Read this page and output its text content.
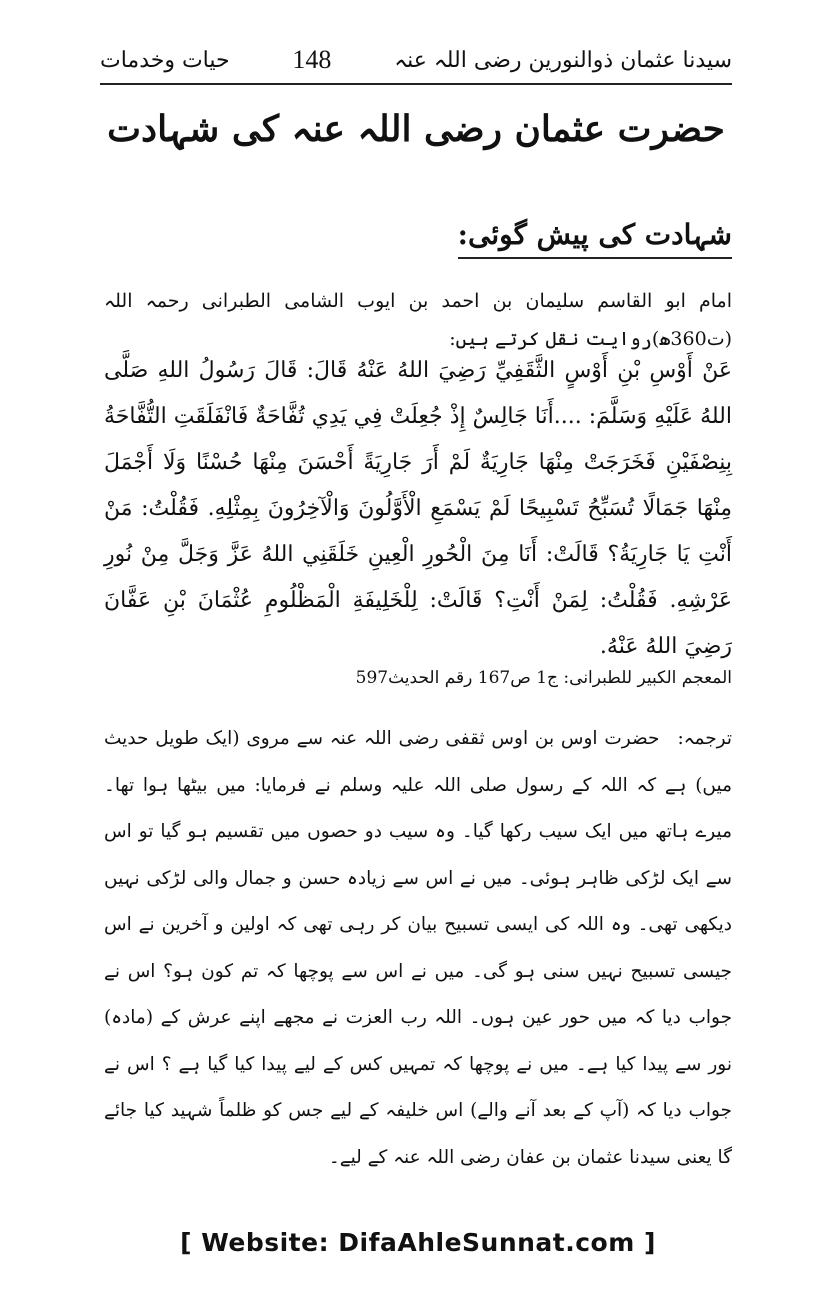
سیدنا عثمان ذوالنورین رضی اللہ عنہ
148
حیات وخدمات
حضرت عثمان رضی اللہ عنہ کی شہادت
شہادت کی پیش گوئی:
امام ابو القاسم سلیمان بن احمد بن ایوب الشامی الطبرانی رحمہ اللہ (ت360ھ)روایت نقل کرتے ہیں:
عَنْ أَوْسِ بْنِ أَوْسٍ الثَّقَفِيِّ رَضِيَ اللهُ عَنْهُ قَالَ: قَالَ رَسُولُ اللهِ صَلَّى اللهُ عَلَيْهِ وَسَلَّمَ: ....أَنَا جَالِسٌ إِذْ جُعِلَتْ فِي يَدِي تُفَّاحَةٌ فَانْفَلَقَتِ التُّفَّاحَةُ بِنِصْفَيْنِ فَخَرَجَتْ مِنْهَا جَارِيَةٌ لَمْ أَرَ جَارِيَةً أَحْسَنَ مِنْهَا حُسْنًا وَلَا أَجْمَلَ مِنْهَا جَمَالًا تُسَبِّحُ تَسْبِيحًا لَمْ يَسْمَعِ الْأَوَّلُونَ وَالْآخِرُونَ بِمِثْلِهِ. فَقُلْتُ: مَنْ أَنْتِ يَا جَارِيَةُ؟ قَالَتْ: أَنَا مِنَ الْحُورِ الْعِينِ خَلَقَنِي اللهُ عَزَّ وَجَلَّ مِنْ نُورِ عَرْشِهِ. فَقُلْتُ: لِمَنْ أَنْتِ؟ قَالَتْ: لِلْخَلِيفَةِ الْمَظْلُومِ عُثْمَانَ بْنِ عَفَّانَ رَضِيَ اللهُ عَنْهُ.
المعجم الکبیر للطبرانی: ج1 ص167 رقم الحدیث597
ترجمہ:حضرت اوس بن اوس ثقفی رضی اللہ عنہ سے مروی (ایک طویل حدیث میں) ہے کہ اللہ کے رسول صلی اللہ علیہ وسلم نے فرمایا: میں بیٹھا ہوا تھا۔ میرے ہاتھ میں ایک سیب رکھا گیا۔ وہ سیب دو حصوں میں تقسیم ہو گیا تو اس سے ایک لڑکی ظاہر ہوئی۔ میں نے اس سے زیادہ حسن و جمال والی لڑکی نہیں دیکھی تھی۔ وہ اللہ کی ایسی تسبیح بیان کر رہی تھی کہ اولین و آخرین نے اس جیسی تسبیح نہیں سنی ہو گی۔ میں نے اس سے پوچھا کہ تم کون ہو؟ اس نے جواب دیا کہ میں حور عین ہوں۔ اللہ رب العزت نے مجھے اپنے عرش کے (مادہ) نور سے پیدا کیا ہے۔ میں نے پوچھا کہ تمہیں کس کے لیے پیدا کیا گیا ہے ؟ اس نے جواب دیا کہ (آپ کے بعد آنے والے) اس خلیفہ کے لیے جس کو ظلماً شہید کیا جائے گا یعنی سیدنا عثمان بن عفان رضی اللہ عنہ کے لیے۔
[ Website: DifaAhleSunnat.com ]
